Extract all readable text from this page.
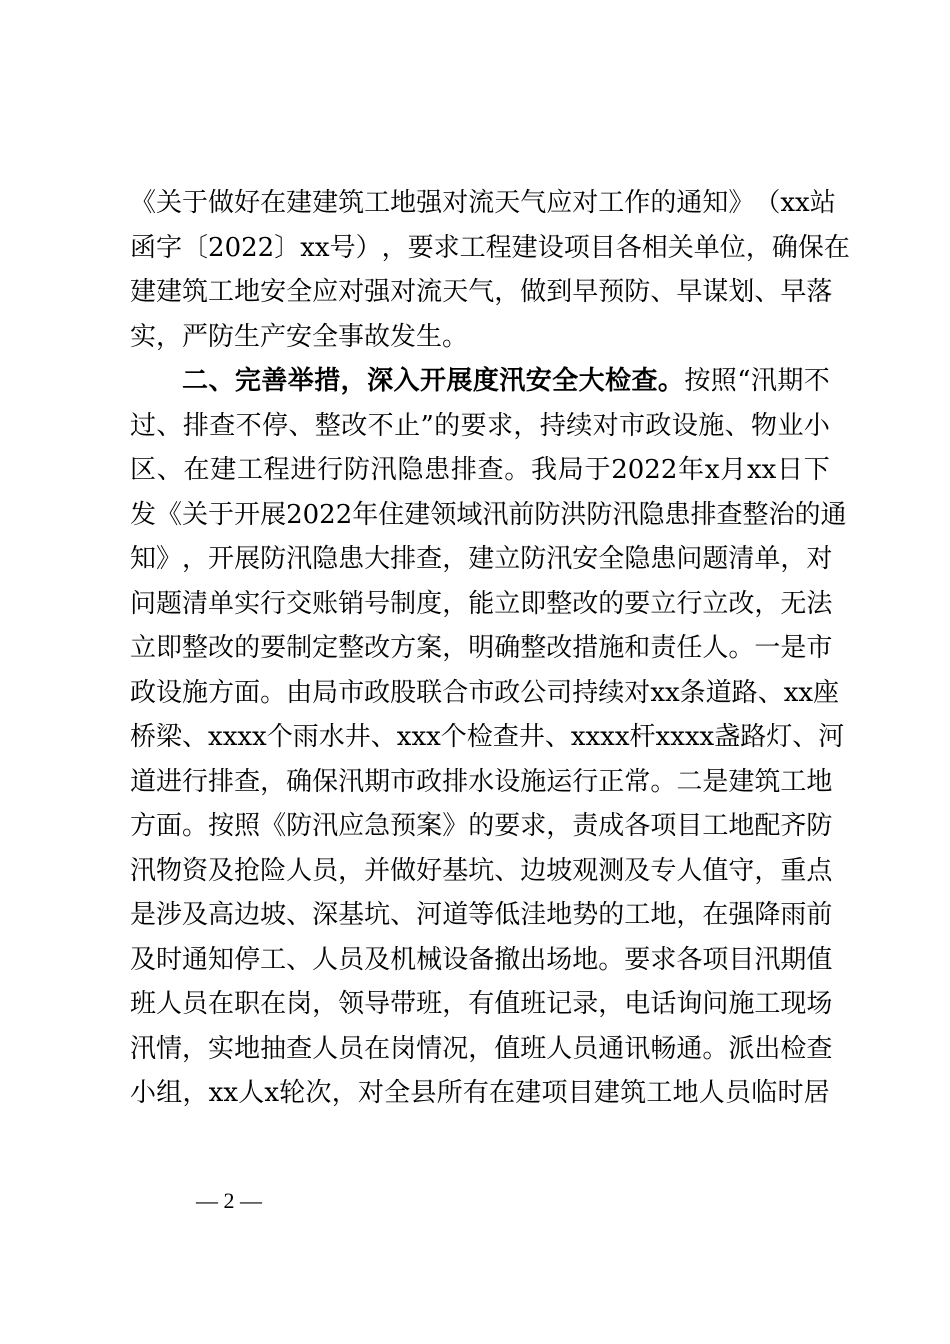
《 关 于 做 好 在 建 建 筑 工 地 强 对 流 天 气 应 对 工 作 的 通 知 》 （ xx 站
函 字 〔 2022 〕 xx 号 ） ， 要 求 工 程 建 设 项 目 各 相 关 单 位 ， 确 保 在
建 建 筑 工 地 安 全 应 对 强 对 流 天 气 ， 做 到 早 预 防 、 早 谋 划 、 早 落
实，严防生产安全事故发生。
二 、 完 善 举 措 ， 深 入 开 展 度 汛 安 全 大 检 查 。 按 照 “ 汛 期 不
过 、 排 查 不 停 、 整 改 不 止 ” 的 要 求 ， 持 续 对 市 政 设 施 、 物 业 小
区 、 在 建 工 程 进 行 防 汛 隐 患 排 查 。 我 局 于 2022 年 x 月 xx 日 下
发 《 关 于 开 展 2022 年 住 建 领 域 汛 前 防 洪 防 汛 隐 患 排 查 整 治 的 通
知 》 ， 开 展 防 汛 隐 患 大 排 查 ， 建 立 防 汛 安 全 隐 患 问 题 清 单 ， 对
问 题 清 单 实 行 交 账 销 号 制 度 ， 能 立 即 整 改 的 要 立 行 立 改 ， 无 法
立 即 整 改 的 要 制 定 整 改 方 案 ， 明 确 整 改 措 施 和 责 任 人 。 一 是 市
政 设 施 方 面 。 由 局 市 政 股 联 合 市 政 公 司 持 续 对 xx 条 道 路 、 xx 座
桥 梁 、 xxxx 个 雨 水 井 、 xxx 个 检 查 井 、 xxxx 杆 xxxx 盏 路 灯 、 河
道 进 行 排 查 ， 确 保 汛 期 市 政 排 水 设 施 运 行 正 常 。 二 是 建 筑 工 地
方 面 。 按 照 《 防 汛 应 急 预 案 》 的 要 求 ， 责 成 各 项 目 工 地 配 齐 防
汛 物 资 及 抢 险 人 员 ， 并 做 好 基 坑 、 边 坡 观 测 及 专 人 值 守 ， 重 点
是 涉 及 高 边 坡 、 深 基 坑 、 河 道 等 低 洼 地 势 的 工 地 ， 在 强 降 雨 前
及 时 通 知 停 工 、 人 员 及 机 械 设 备 撤 出 场 地 。 要 求 各 项 目 汛 期 值
班 人 员 在 职 在 岗 ， 领 导 带 班 ， 有 值 班 记 录 ， 电 话 询 问 施 工 现 场
汛 情 ， 实 地 抽 查 人 员 在 岗 情 况 ， 值 班 人 员 通 讯 畅 通 。 派 出 检 查
小 组 ， xx 人 x 轮 次 ， 对 全 县 所 有 在 建 项 目 建 筑 工 地 人 员 临 时 居
— 2 —
